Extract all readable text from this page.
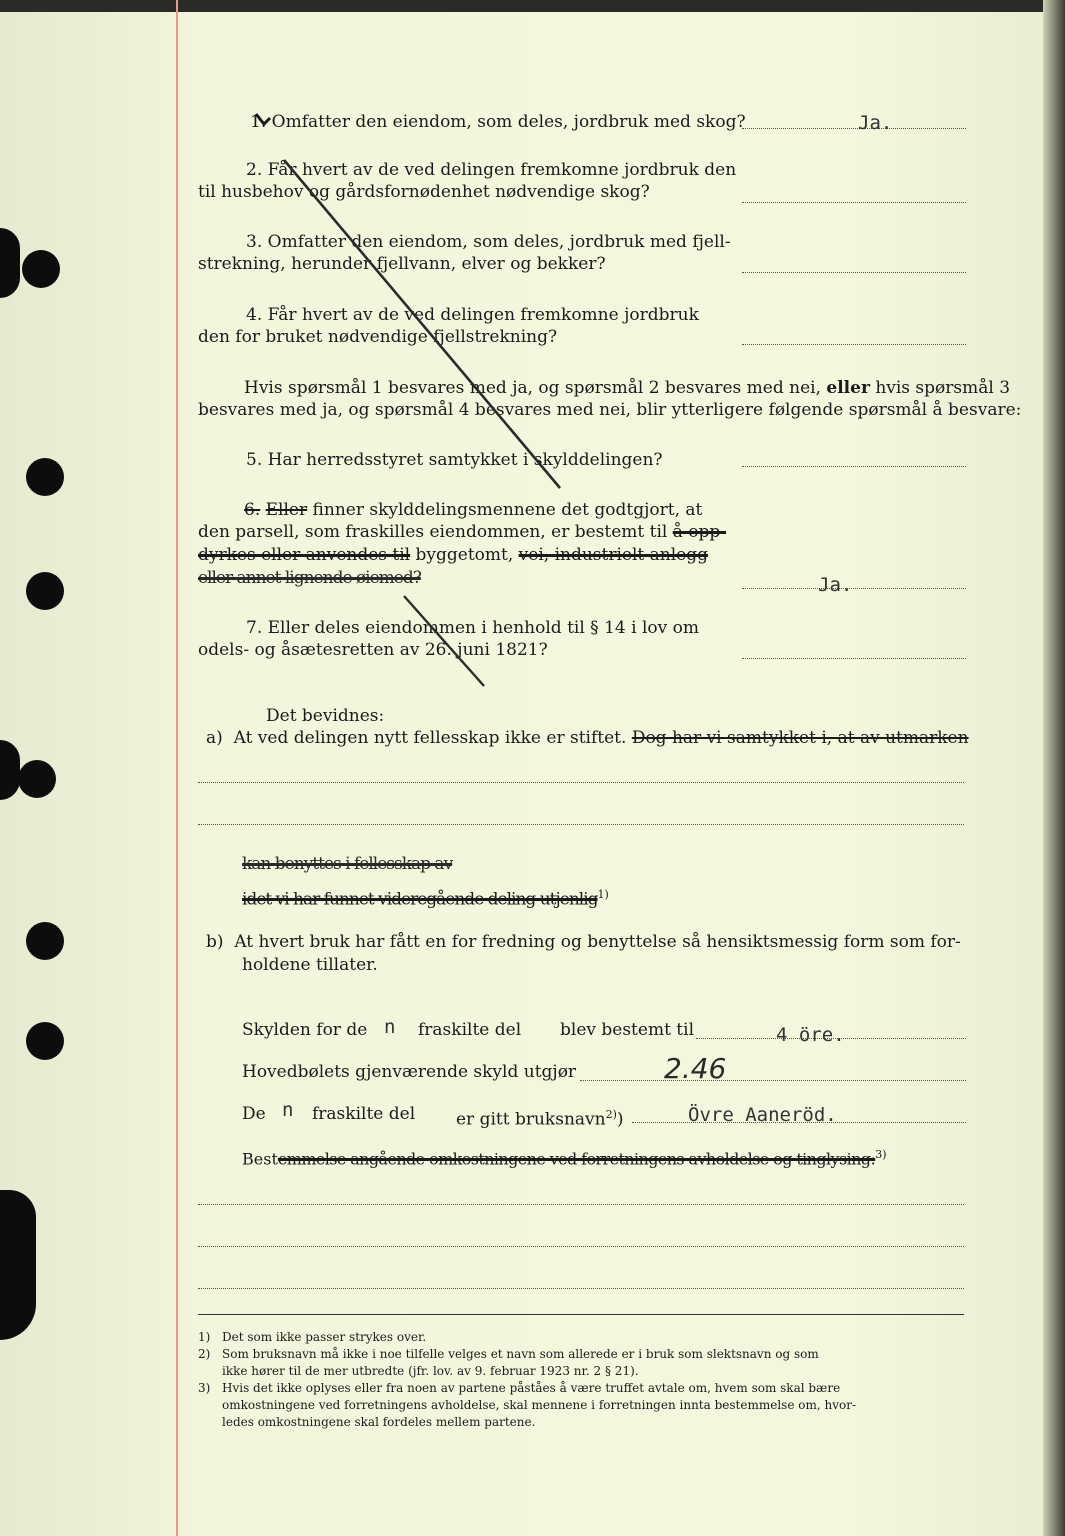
1. Omfatter den eiendom, som deles, jordbruk med skog?	Ja.
2. Får hvert av de ved delingen fremkomne jordbruk den
til husbehov og gårdsfornødenhet nødvendige skog?
3. Omfatter den eiendom, som deles, jordbruk med fjell-
strekning, herunder fjellvann, elver og bekker?
4. Får hvert av de ved delingen fremkomne jordbruk
den for bruket nødvendige fjellstrekning?
Hvis spørsmål 1 besvares med ja, og spørsmål 2 besvares med nei, eller hvis spørsmål 3
besvares med ja, og spørsmål 4 besvares med nei, blir ytterligere følgende spørsmål å besvare:
5. Har herredsstyret samtykket i skylddelingen?
6. Eller finner skylddelingsmennene det godtgjort, at
den parsell, som fraskilles eiendommen, er bestemt til å opp-
dyrkes eller anvendes til byggetomt, vei, industrielt anlegg
eller annet lignende øiemed?	Ja.
7. Eller deles eiendommen i henhold til § 14 i lov om
odels- og åsætesretten av 26. juni 1821?
Det bevidnes:
a) At ved delingen nytt fellesskap ikke er stiftet. Dog har vi samtykket i, at av utmarken
kan benyttes i fellesskap av
idet vi har funnet videregående deling utjenlig$^{1)}$
b) At hvert bruk har fått en for fredning og benyttelse så hensiktsmessig form som for-
holdene tillater.
Skylden for de n fraskilte del blev bestemt til	4 öre.
Hovedbølets gjenværende skyld utgjør	2.46
De n fraskilte del er gitt bruksnavn$^{2)}$)	Övre Aaneröd.
Bestemmelse angående omkostningene ved forretningens avholdelse og tinglysing:$^{3)}$
1) Det som ikke passer strykes over.
2) Som bruksnavn må ikke i noe tilfelle velges et navn som allerede er i bruk som slektsnavn og som
ikke hører til de mer utbredte (jfr. lov. av 9. februar 1923 nr. 2 § 21).
3) Hvis det ikke oplyses eller fra noen av partene påståes å være truffet avtale om, hvem som skal bære
omkostningene ved forretningens avholdelse, skal mennene i forretningen innta bestemmelse om, hvor-
ledes omkostningene skal fordeles mellem partene.
